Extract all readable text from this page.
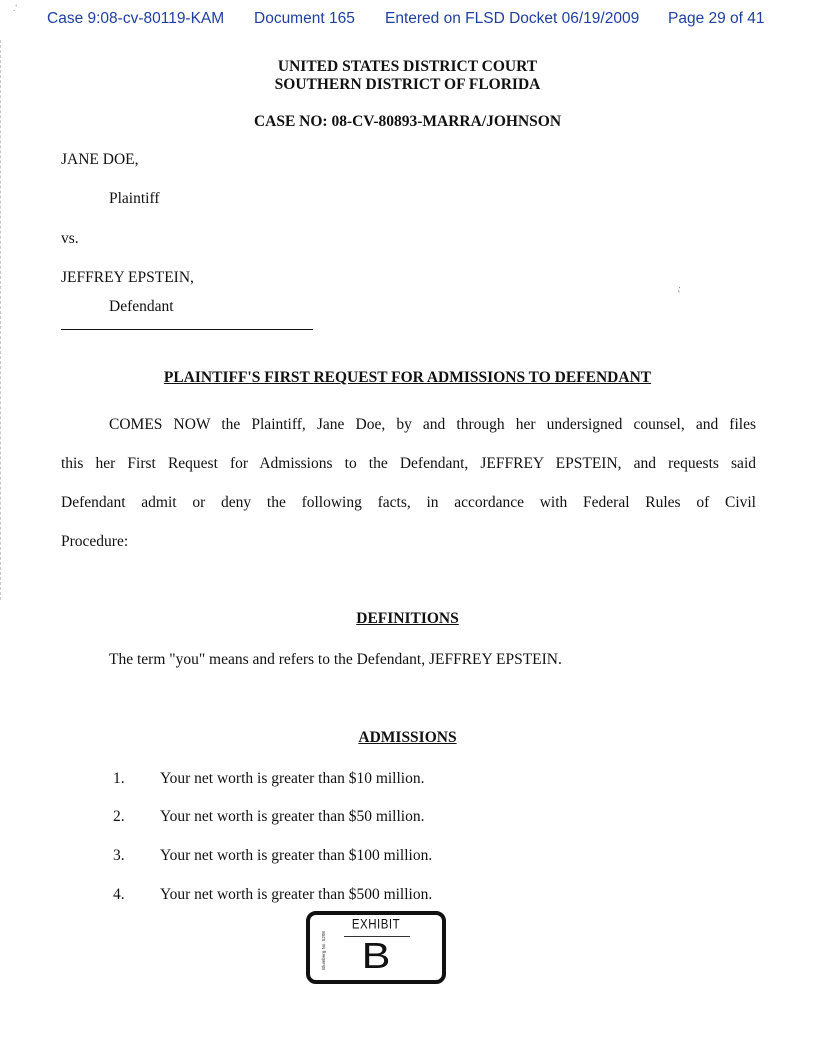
.ʼ
Case 9:08-cv-80119-KAM Document 165 Entered on FLSD Docket 06/19/2009 Page 29 of 41
UNITED STATES DISTRICT COURT
SOUTHERN DISTRICT OF FLORIDA
CASE NO: 08-CV-80893-MARRA/JOHNSON
JANE DOE,
Plaintiff
vs.
JEFFREY EPSTEIN,
Defendant
,·
PLAINTIFF'S FIRST REQUEST FOR ADMISSIONS TO DEFENDANT
COMES NOW the Plaintiff, Jane Doe, by and through her undersigned counsel, and files
this her First Request for Admissions to the Defendant, JEFFREY EPSTEIN, and requests said
Defendant admit or deny the following facts, in accordance with Federal Rules of Civil
Procedure:
DEFINITIONS
The term "you" means and refers to the Defendant, JEFFREY EPSTEIN.
ADMISSIONS
1. Your net worth is greater than $10 million.
2. Your net worth is greater than $50 million.
3. Your net worth is greater than $100 million.
4. Your net worth is greater than $500 million.
Blumberg No. 5208
EXHIBIT
B
